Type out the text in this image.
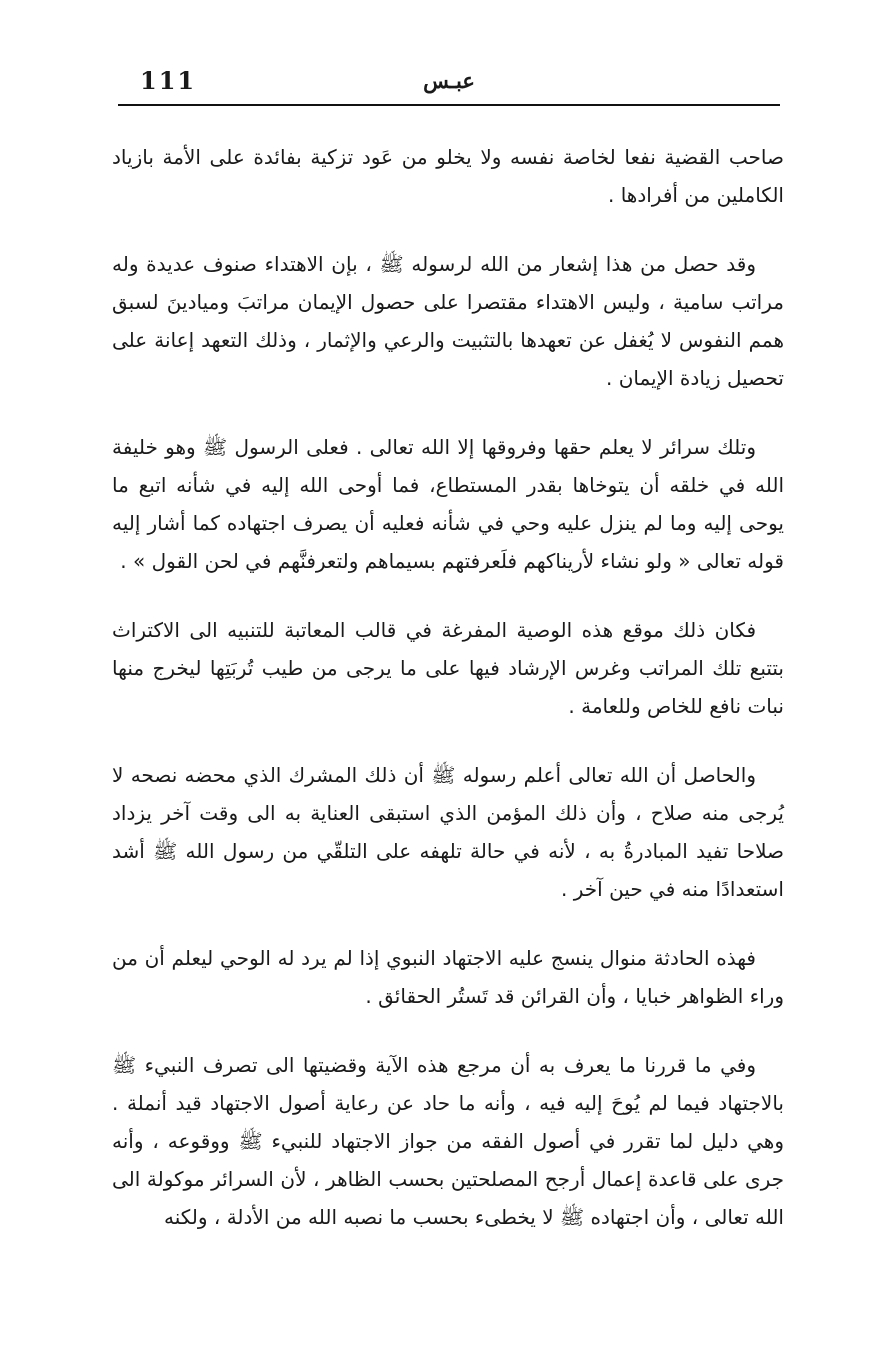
111	عبـس

صاحب القضية نفعا لخاصة نفسه ولا يخلو من عَود تزكية بفائدة على الأمة بازياد الكاملين من أفرادها .

وقد حصل من هذا إشعار من الله لرسوله ﷺ ، بإن الاهتداء صنوف عديدة وله مراتب سامية ، وليس الاهتداء مقتصرا على حصول الإيمان مراتبَ وميادينَ لسبق همم النفوس لا يُغفل عن تعهدها بالتثبيت والرعي والإثمار ، وذلك التعهد إعانة على تحصيل زيادة الإيمان .

وتلك سرائر لا يعلم حقها وفروقها إلا الله تعالى . فعلى الرسول ﷺ وهو خليفة الله في خلقه أن يتوخاها بقدر المستطاع، فما أوحى الله إليه في شأنه اتبع ما يوحى إليه وما لم ينزل عليه وحي في شأنه فعليه أن يصرف اجتهاده كما أشار إليه قوله تعالى « ولو نشاء لأريناكهم فلَعرفتهم بسيماهم ولتعرفنَّهم في لحن القول » .

فكان ذلك موقع هذه الوصية المفرغة في قالب المعاتبة للتنبيه الى الاكتراث بتتبع تلك المراتب وغرس الإرشاد فيها على ما يرجى من طيب تُربَتِها ليخرج منها نبات نافع للخاص وللعامة .

والحاصل أن الله تعالى أعلم رسوله ﷺ أن ذلك المشرك الذي محضه نصحه لا يُرجى منه صلاح ، وأن ذلك المؤمن الذي استبقى العناية به الى وقت آخر يزداد صلاحا تفيد المبادرةُ به ، لأنه في حالة تلهفه على التلقّي من رسول الله ﷺ أشد استعدادًا منه في حين آخر .

فهذه الحادثة منوال ينسج عليه الاجتهاد النبوي إذا لم يرد له الوحي ليعلم أن من وراء الظواهر خبايا ، وأن القرائن قد تَستُر الحقائق .

وفي ما قررنا ما يعرف به أن مرجع هذه الآية وقضيتها الى تصرف النبيء ﷺ بالاجتهاد فيما لم يُوحَ إليه فيه ، وأنه ما حاد عن رعاية أصول الاجتهاد قيد أنملة . وهي دليل لما تقرر في أصول الفقه من جواز الاجتهاد للنبيء ﷺ ووقوعه ، وأنه جرى على قاعدة إعمال أرجح المصلحتين بحسب الظاهر ، لأن السرائر موكولة الى الله تعالى ، وأن اجتهاده ﷺ لا يخطىء بحسب ما نصبه الله من الأدلة ، ولكنه
